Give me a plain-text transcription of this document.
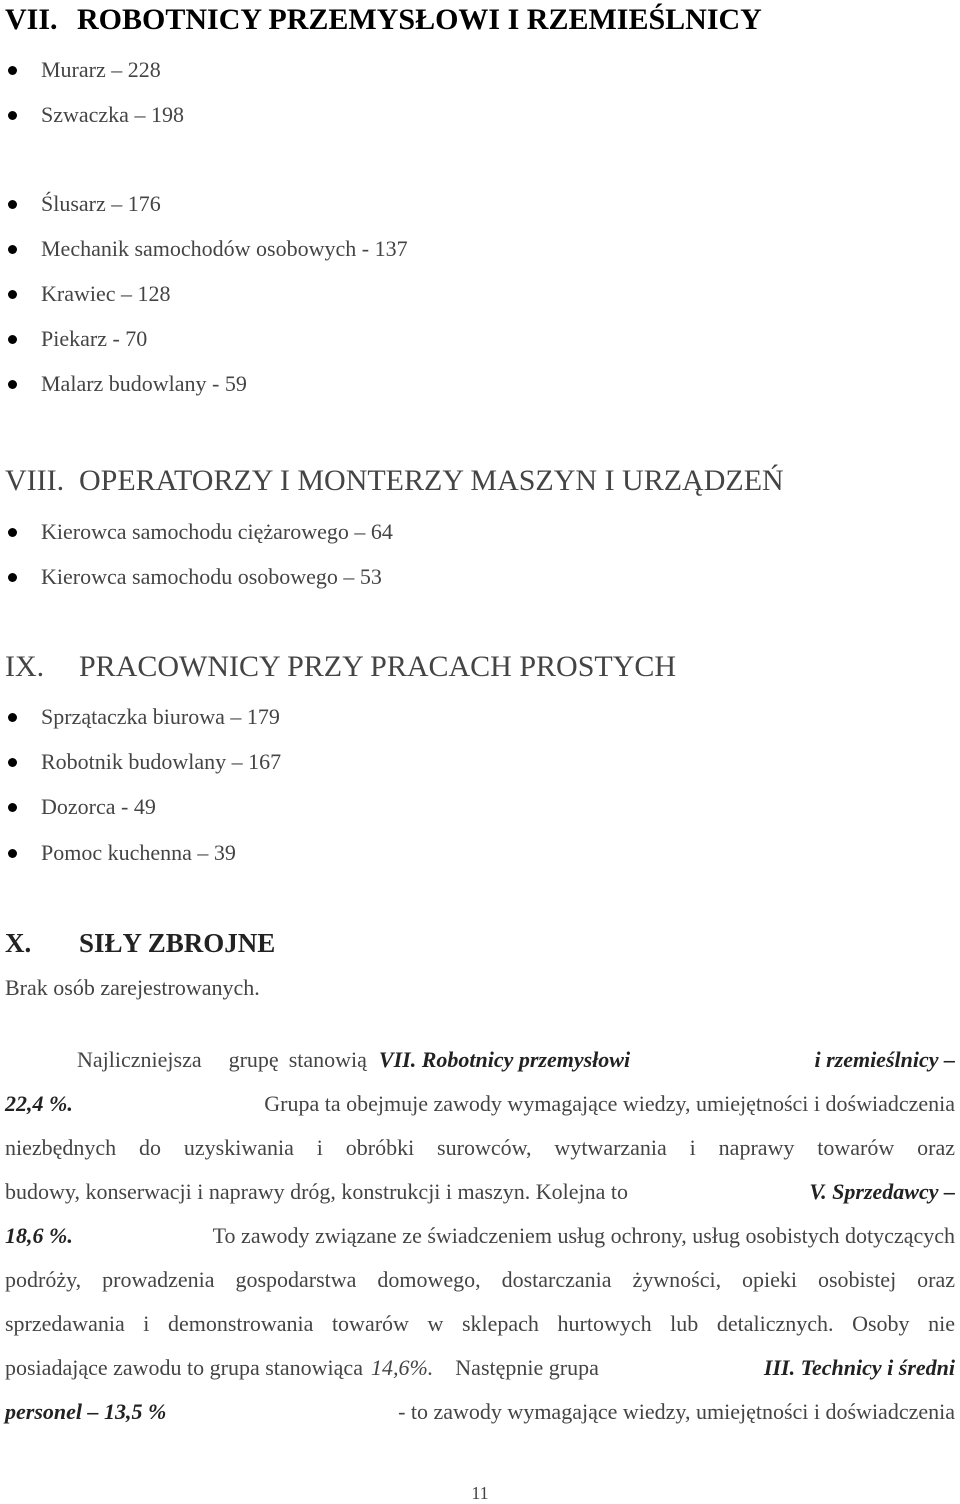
VII. ROBOTNICY PRZEMYSŁOWI I RZEMIEŚLNICY
Murarz – 228
Szwaczka – 198
Ślusarz – 176
Mechanik samochodów osobowych - 137
Krawiec – 128
Piekarz - 70
Malarz budowlany - 59
VIII. OPERATORZY I MONTERZY MASZYN I URZĄDZEŃ
Kierowca samochodu ciężarowego – 64
Kierowca samochodu osobowego – 53
IX. PRACOWNICY PRZY PRACACH PROSTYCH
Sprzątaczka biurowa – 179
Robotnik budowlany – 167
Dozorca - 49
Pomoc kuchenna – 39
X. SIŁY ZBROJNE
Brak osób zarejestrowanych.
Najliczniejsza grupę stanowią VII. Robotnicy przemysłowi	i rzemieślnicy –
22,4 %.	Grupa ta obejmuje zawody wymagające wiedzy, umiejętności i doświadczenia
niezbędnych do uzyskiwania i obróbki surowców, wytwarzania i naprawy towarów oraz
budowy, konserwacji i naprawy dróg, konstrukcji i maszyn. Kolejna to	V. Sprzedawcy –
18,6 %.	To zawody związane ze świadczeniem usług ochrony, usług osobistych dotyczących
podróży, prowadzenia gospodarstwa domowego, dostarczania żywności, opieki osobistej oraz
sprzedawania i demonstrowania towarów w sklepach hurtowych lub detalicznych. Osoby nie
posiadające zawodu to grupa stanowiąca 14,6%. Następnie grupa	III. Technicy i średni
personel – 13,5 %	- to zawody wymagające wiedzy, umiejętności i doświadczenia
11
